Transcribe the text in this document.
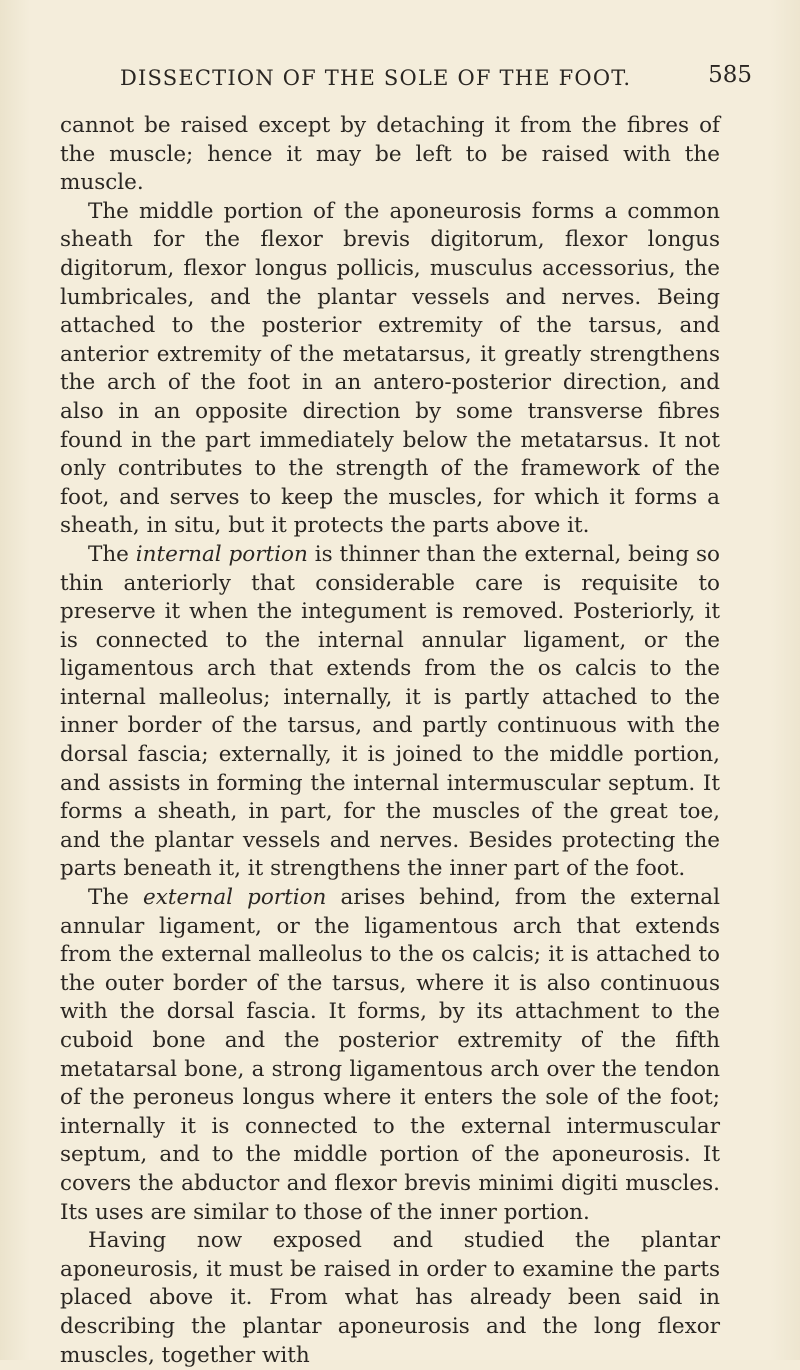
DISSECTION OF THE SOLE OF THE FOOT.	585

cannot be raised except by detaching it from the fibres of the muscle; hence it may be left to be raised with the muscle.

The middle portion of the aponeurosis forms a common sheath for the flexor brevis digitorum, flexor longus digitorum, flexor longus pollicis, musculus accessorius, the lumbricales, and the plantar vessels and nerves. Being attached to the posterior extremity of the tarsus, and anterior extremity of the metatarsus, it greatly strengthens the arch of the foot in an antero-posterior direction, and also in an opposite direction by some transverse fibres found in the part immediately below the metatarsus. It not only contributes to the strength of the framework of the foot, and serves to keep the muscles, for which it forms a sheath, in situ, but it protects the parts above it.

The internal portion is thinner than the external, being so thin anteriorly that considerable care is requisite to preserve it when the integument is removed. Posteriorly, it is connected to the internal annular ligament, or the ligamentous arch that extends from the os calcis to the internal malleolus; internally, it is partly attached to the inner border of the tarsus, and partly continuous with the dorsal fascia; externally, it is joined to the middle portion, and assists in forming the internal intermuscular septum. It forms a sheath, in part, for the muscles of the great toe, and the plantar vessels and nerves. Besides protecting the parts beneath it, it strengthens the inner part of the foot.

The external portion arises behind, from the external annular ligament, or the ligamentous arch that extends from the external malleolus to the os calcis; it is attached to the outer border of the tarsus, where it is also continuous with the dorsal fascia. It forms, by its attachment to the cuboid bone and the posterior extremity of the fifth metatarsal bone, a strong ligamentous arch over the tendon of the peroneus longus where it enters the sole of the foot; internally it is connected to the external intermuscular septum, and to the middle portion of the aponeurosis. It covers the abductor and flexor brevis minimi digiti muscles. Its uses are similar to those of the inner portion.

Having now exposed and studied the plantar aponeurosis, it must be raised in order to examine the parts placed above it. From what has already been said in describing the plantar aponeurosis and the long flexor muscles, together with
